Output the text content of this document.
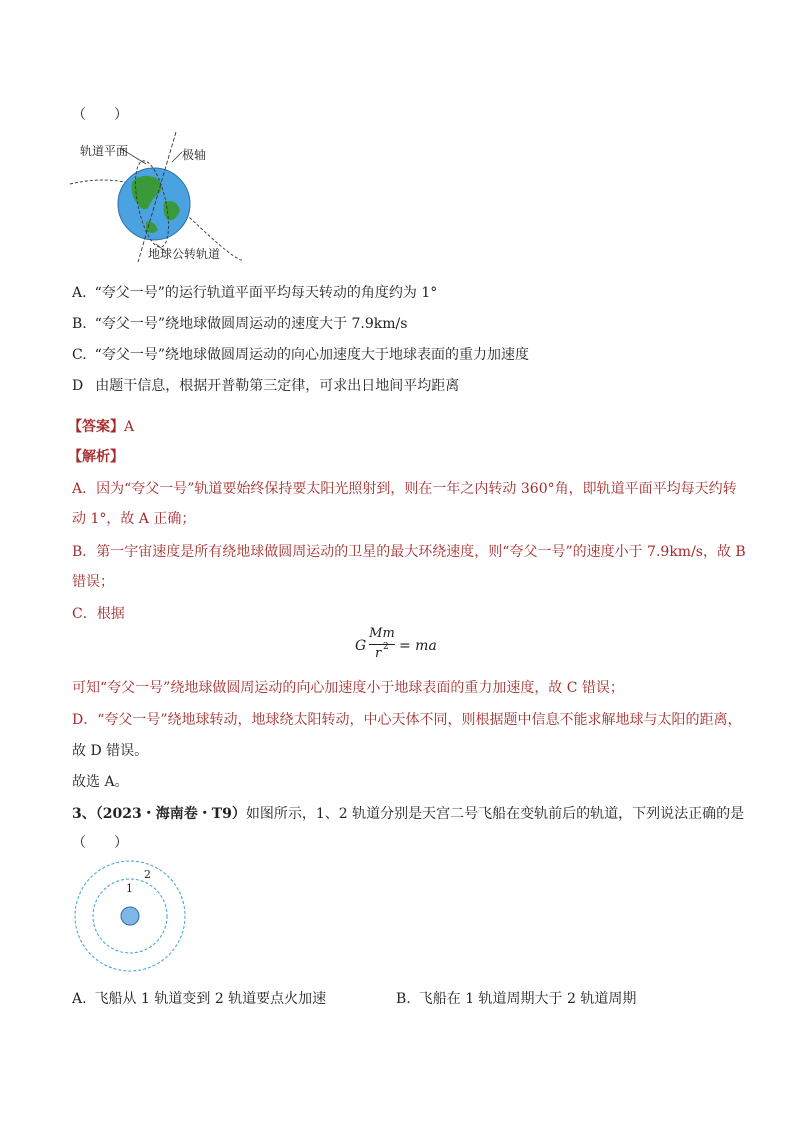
（　　）
轨道平面	极轴
地球公转轨道
A. “夸父一号”的运行轨道平面平均每天转动的角度约为 1°
B. “夸父一号”绕地球做圆周运动的速度大于 7.9km/s
C. “夸父一号”绕地球做圆周运动的向心加速度大于地球表面的重力加速度
D 由题干信息，根据开普勒第三定律，可求出日地间平均距离
【答案】A
【解析】
A．因为“夸父一号”轨道要始终保持要太阳光照射到，则在一年之内转动 360°角，即轨道平面平均每天约转
动 1°，故 A 正确；
B．第一宇宙速度是所有绕地球做圆周运动的卫星的最大环绕速度，则“夸父一号”的速度小于 7.9km/s，故 B
错误；
C．根据
G
Mm
r 2 = ma
可知“夸父一号”绕地球做圆周运动的向心加速度小于地球表面的重力加速度，故 C 错误；
D．“夸父一号”绕地球转动，地球绕太阳转动，中心天体不同，则根据题中信息不能求解地球与太阳的距离，
故 D 错误。
故选 A。
3、（2023・海南卷・T9）如图所示，1、2 轨道分别是天宫二号飞船在变轨前后的轨道，下列说法正确的是
（　　）
1
2
A. 飞船从 1 轨道变到 2 轨道要点火加速	B. 飞船在 1 轨道周期大于 2 轨道周期
